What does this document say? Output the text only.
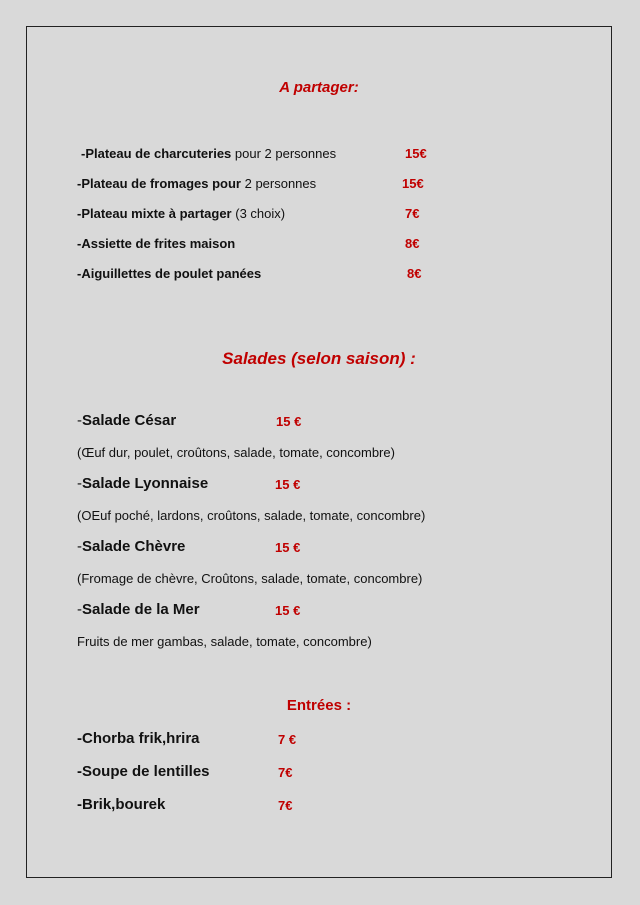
A partager:
-Plateau de charcuteries pour 2 personnes	15€
-Plateau de fromages pour 2 personnes	15€
-Plateau mixte à partager (3 choix)	7€
-Assiette de frites maison	8€
-Aiguillettes de poulet panées	8€
Salades (selon saison) :
-Salade César	15 €
(Œuf dur, poulet, croûtons, salade, tomate, concombre)
-Salade Lyonnaise	15 €
(OEuf poché, lardons, croûtons, salade, tomate, concombre)
-Salade Chèvre	15 €
(Fromage de chèvre, Croûtons, salade, tomate, concombre)
-Salade de la Mer	15 €
Fruits de mer gambas, salade, tomate, concombre)
Entrées :
-Chorba frik,hrira	7 €
-Soupe de lentilles	7€
-Brik,bourek	7€
